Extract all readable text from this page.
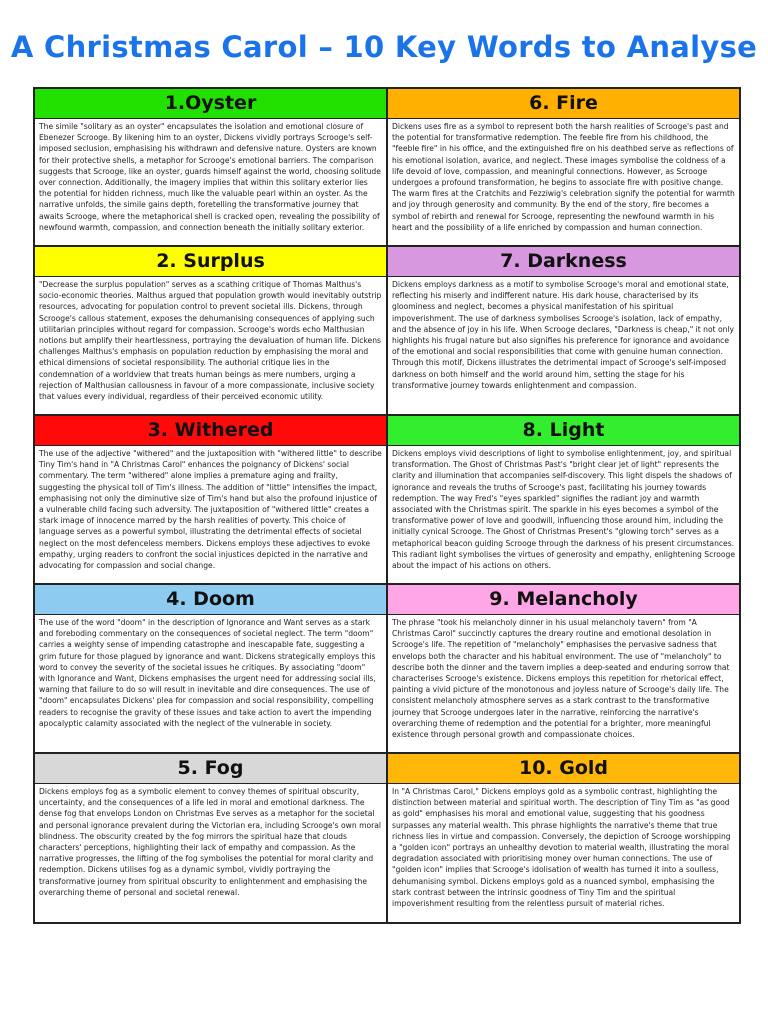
A Christmas Carol – 10 Key Words to Analyse
1.Oyster
The simile "solitary as an oyster" encapsulates the isolation and emotional closure of Ebenezer Scrooge. By likening him to an oyster, Dickens vividly portrays Scrooge's self-imposed seclusion, emphasising his withdrawn and defensive nature. Oysters are known for their protective shells, a metaphor for Scrooge's emotional barriers. The comparison suggests that Scrooge, like an oyster, guards himself against the world, choosing solitude over connection. Additionally, the imagery implies that within this solitary exterior lies the potential for hidden richness, much like the valuable pearl within an oyster. As the narrative unfolds, the simile gains depth, foretelling the transformative journey that awaits Scrooge, where the metaphorical shell is cracked open, revealing the possibility of newfound warmth, compassion, and connection beneath the initially solitary exterior.
6. Fire
Dickens uses fire as a symbol to represent both the harsh realities of Scrooge's past and the potential for transformative redemption. The feeble fire from his childhood, the "feeble fire" in his office, and the extinguished fire on his deathbed serve as reflections of his emotional isolation, avarice, and neglect. These images symbolise the coldness of a life devoid of love, compassion, and meaningful connections. However, as Scrooge undergoes a profound transformation, he begins to associate fire with positive change. The warm fires at the Cratchits and Fezziwig's celebration signify the potential for warmth and joy through generosity and community. By the end of the story, fire becomes a symbol of rebirth and renewal for Scrooge, representing the newfound warmth in his heart and the possibility of a life enriched by compassion and human connection.
2. Surplus
"Decrease the surplus population" serves as a scathing critique of Thomas Malthus's socio-economic theories. Malthus argued that population growth would inevitably outstrip resources, advocating for population control to prevent societal ills. Dickens, through Scrooge's callous statement, exposes the dehumanising consequences of applying such utilitarian principles without regard for compassion. Scrooge's words echo Malthusian notions but amplify their heartlessness, portraying the devaluation of human life. Dickens challenges Malthus's emphasis on population reduction by emphasising the moral and ethical dimensions of societal responsibility. The authorial critique lies in the condemnation of a worldview that treats human beings as mere numbers, urging a rejection of Malthusian callousness in favour of a more compassionate, inclusive society that values every individual, regardless of their perceived economic utility.
7. Darkness
Dickens employs darkness as a motif to symbolise Scrooge's moral and emotional state, reflecting his miserly and indifferent nature. His dark house, characterised by its gloominess and neglect, becomes a physical manifestation of his spiritual impoverishment. The use of darkness symbolises Scrooge's isolation, lack of empathy, and the absence of joy in his life. When Scrooge declares, "Darkness is cheap," it not only highlights his frugal nature but also signifies his preference for ignorance and avoidance of the emotional and social responsibilities that come with genuine human connection. Through this motif, Dickens illustrates the detrimental impact of Scrooge's self-imposed darkness on both himself and the world around him, setting the stage for his transformative journey towards enlightenment and compassion.
3. Withered
The use of the adjective "withered" and the juxtaposition with "withered little" to describe Tiny Tim's hand in "A Christmas Carol" enhances the poignancy of Dickens' social commentary. The term "withered" alone implies a premature aging and frailty, suggesting the physical toll of Tim's illness. The addition of "little" intensifies the impact, emphasising not only the diminutive size of Tim's hand but also the profound injustice of a vulnerable child facing such adversity. The juxtaposition of "withered little" creates a stark image of innocence marred by the harsh realities of poverty. This choice of language serves as a powerful symbol, illustrating the detrimental effects of societal neglect on the most defenceless members. Dickens employs these adjectives to evoke empathy, urging readers to confront the social injustices depicted in the narrative and advocating for compassion and social change.
8. Light
Dickens employs vivid descriptions of light to symbolise enlightenment, joy, and spiritual transformation. The Ghost of Christmas Past's "bright clear jet of light" represents the clarity and illumination that accompanies self-discovery. This light dispels the shadows of ignorance and reveals the truths of Scrooge's past, facilitating his journey towards redemption. The way Fred's "eyes sparkled" signifies the radiant joy and warmth associated with the Christmas spirit. The sparkle in his eyes becomes a symbol of the transformative power of love and goodwill, influencing those around him, including the initially cynical Scrooge. The Ghost of Christmas Present's "glowing torch" serves as a metaphorical beacon guiding Scrooge through the darkness of his present circumstances. This radiant light symbolises the virtues of generosity and empathy, enlightening Scrooge about the impact of his actions on others.
4. Doom
The use of the word "doom" in the description of Ignorance and Want serves as a stark and foreboding commentary on the consequences of societal neglect. The term "doom" carries a weighty sense of impending catastrophe and inescapable fate, suggesting a grim future for those plagued by ignorance and want. Dickens strategically employs this word to convey the severity of the societal issues he critiques. By associating "doom" with Ignorance and Want, Dickens emphasises the urgent need for addressing social ills, warning that failure to do so will result in inevitable and dire consequences. The use of "doom" encapsulates Dickens' plea for compassion and social responsibility, compelling readers to recognise the gravity of these issues and take action to avert the impending apocalyptic calamity associated with the neglect of the vulnerable in society.
9. Melancholy
The phrase "took his melancholy dinner in his usual melancholy tavern" from "A Christmas Carol" succinctly captures the dreary routine and emotional desolation in Scrooge's life. The repetition of "melancholy" emphasises the pervasive sadness that envelops both the character and his habitual environment. The use of "melancholy" to describe both the dinner and the tavern implies a deep-seated and enduring sorrow that characterises Scrooge's existence. Dickens employs this repetition for rhetorical effect, painting a vivid picture of the monotonous and joyless nature of Scrooge's daily life. The consistent melancholy atmosphere serves as a stark contrast to the transformative journey that Scrooge undergoes later in the narrative, reinforcing the narrative's overarching theme of redemption and the potential for a brighter, more meaningful existence through personal growth and compassionate choices.
5. Fog
Dickens employs fog as a symbolic element to convey themes of spiritual obscurity, uncertainty, and the consequences of a life led in moral and emotional darkness. The dense fog that envelops London on Christmas Eve serves as a metaphor for the societal and personal ignorance prevalent during the Victorian era, including Scrooge's own moral blindness. The obscurity created by the fog mirrors the spiritual haze that clouds characters' perceptions, highlighting their lack of empathy and compassion. As the narrative progresses, the lifting of the fog symbolises the potential for moral clarity and redemption. Dickens utilises fog as a dynamic symbol, vividly portraying the transformative journey from spiritual obscurity to enlightenment and emphasising the overarching theme of personal and societal renewal.
10. Gold
In "A Christmas Carol," Dickens employs gold as a symbolic contrast, highlighting the distinction between material and spiritual worth. The description of Tiny Tim as "as good as gold" emphasises his moral and emotional value, suggesting that his goodness surpasses any material wealth. This phrase highlights the narrative's theme that true richness lies in virtue and compassion. Conversely, the depiction of Scrooge worshipping a "golden icon" portrays an unhealthy devotion to material wealth, illustrating the moral degradation associated with prioritising money over human connections. The use of "golden icon" implies that Scrooge's idolisation of wealth has turned it into a soulless, dehumanising symbol. Dickens employs gold as a nuanced symbol, emphasising the stark contrast between the intrinsic goodness of Tiny Tim and the spiritual impoverishment resulting from the relentless pursuit of material riches.
